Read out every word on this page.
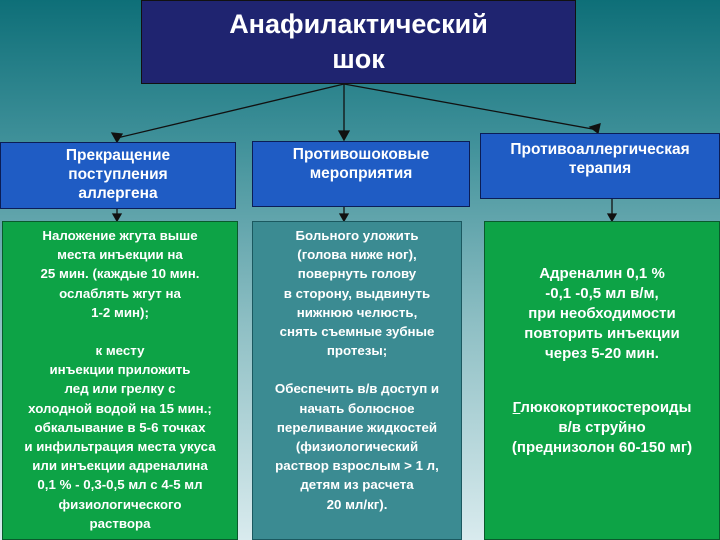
Анафилактический
шок
Прекращение
поступления
аллергена
Противошоковые
мероприятия
Противоаллергическая
терапия
Наложение жгута выше
места инъекции на
25 мин. (каждые 10 мин.
ослаблять жгут на
1-2 мин);
к месту
инъекции приложить
лед или грелку с
холодной водой на 15 мин.;
обкалывание в 5-6 точках
и инфильтрация места укуса
или инъекции адреналина
0,1 % - 0,3-0,5 мл с 4-5 мл
физиологического
раствора
Больного уложить
(голова ниже ног),
повернуть голову
в сторону, выдвинуть
нижнюю челюсть,
снять съемные зубные
протезы;
Обеспечить в/в доступ и
начать болюсное
переливание жидкостей
(физиологический
раствор взрослым > 1 л,
детям из расчета
20 мл/кг).
Адреналин 0,1 %
-0,1 -0,5 мл в/м,
при необходимости
повторить инъекции
через 5-20 мин.
Глюкокортикостероиды
в/в струйно
(преднизолон 60-150 мг)
